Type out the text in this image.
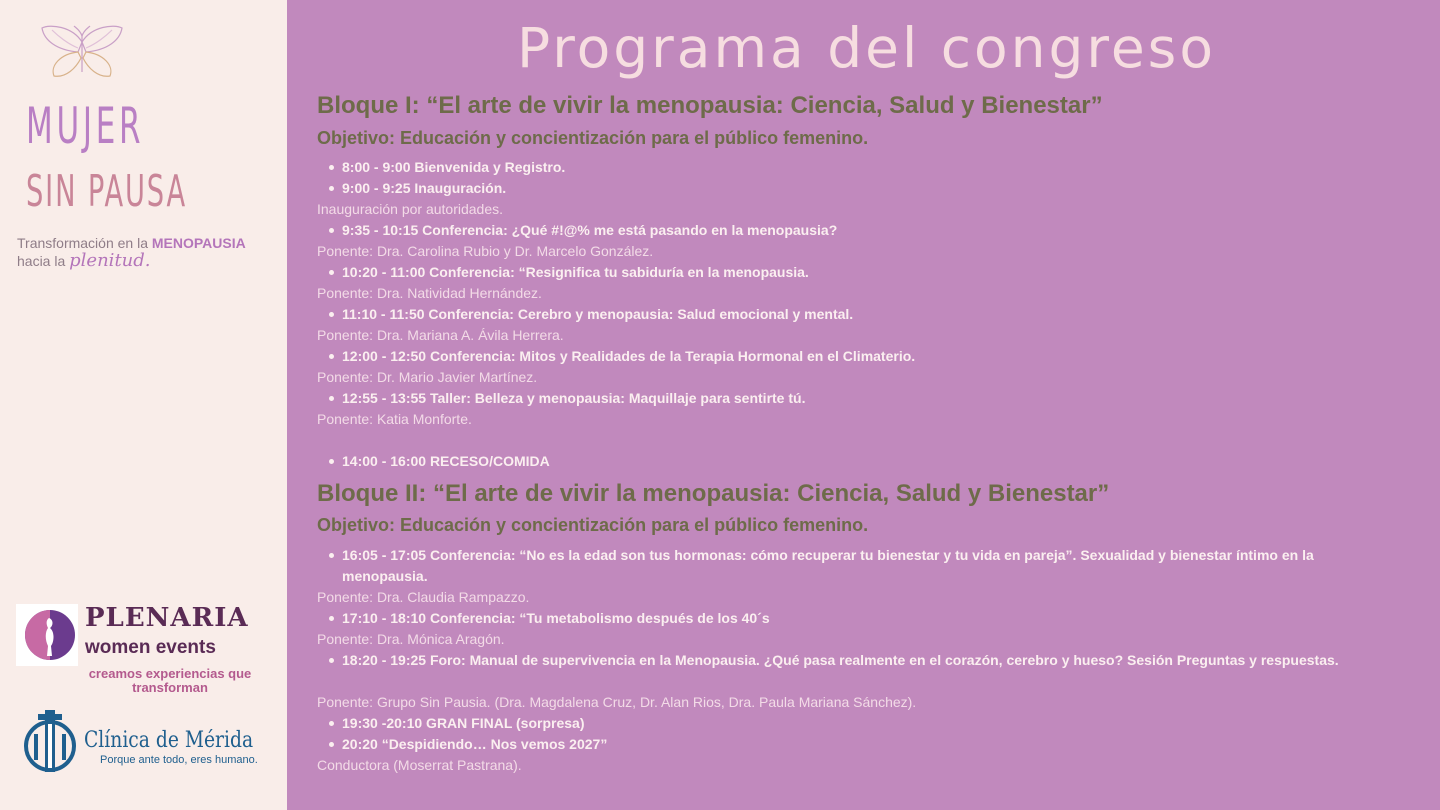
MUJER
SIN PAUSA
Transformación en la MENOPAUSIA
hacia la plenitud.
PLENARIA
women events
creamos experiencias que transforman
Clínica de Mérida
Porque ante todo, eres humano.
Programa del congreso
Bloque I: “El arte de vivir la menopausia: Ciencia, Salud y Bienestar”
Objetivo: Educación y concientización para el público femenino.
8:00 - 9:00 Bienvenida y Registro.
9:00 - 9:25 Inauguración.
Inauguración por autoridades.
9:35 - 10:15 Conferencia: ¿Qué #!@% me está pasando en la menopausia?
Ponente: Dra. Carolina Rubio y Dr. Marcelo González.
10:20 - 11:00 Conferencia: “Resignifica tu sabiduría en la menopausia.
Ponente: Dra. Natividad Hernández.
11:10 - 11:50 Conferencia: Cerebro y menopausia: Salud emocional y mental.
Ponente: Dra. Mariana A. Ávila Herrera.
12:00 - 12:50 Conferencia: Mitos y Realidades de la Terapia Hormonal en el Climaterio.
Ponente: Dr. Mario Javier Martínez.
12:55 - 13:55 Taller: Belleza y menopausia: Maquillaje para sentirte tú.
Ponente: Katia Monforte.
14:00 - 16:00 RECESO/COMIDA
Bloque II: “El arte de vivir la menopausia: Ciencia, Salud y Bienestar”
Objetivo: Educación y concientización para el público femenino.
16:05 - 17:05 Conferencia: “No es la edad son tus hormonas: cómo recuperar tu bienestar y tu vida en pareja”. Sexualidad y bienestar íntimo en la menopausia.
Ponente: Dra. Claudia Rampazzo.
17:10 - 18:10 Conferencia: “Tu metabolismo después de los 40´s
Ponente: Dra. Mónica Aragón.
18:20 - 19:25 Foro: Manual de supervivencia en la Menopausia. ¿Qué pasa realmente en el corazón, cerebro y hueso? Sesión Preguntas y respuestas.
Ponente: Grupo Sin Pausia. (Dra. Magdalena Cruz, Dr. Alan Rios, Dra. Paula Mariana Sánchez).
19:30 -20:10 GRAN FINAL (sorpresa)
20:20 “Despidiendo… Nos vemos 2027”
Conductora (Moserrat Pastrana).
